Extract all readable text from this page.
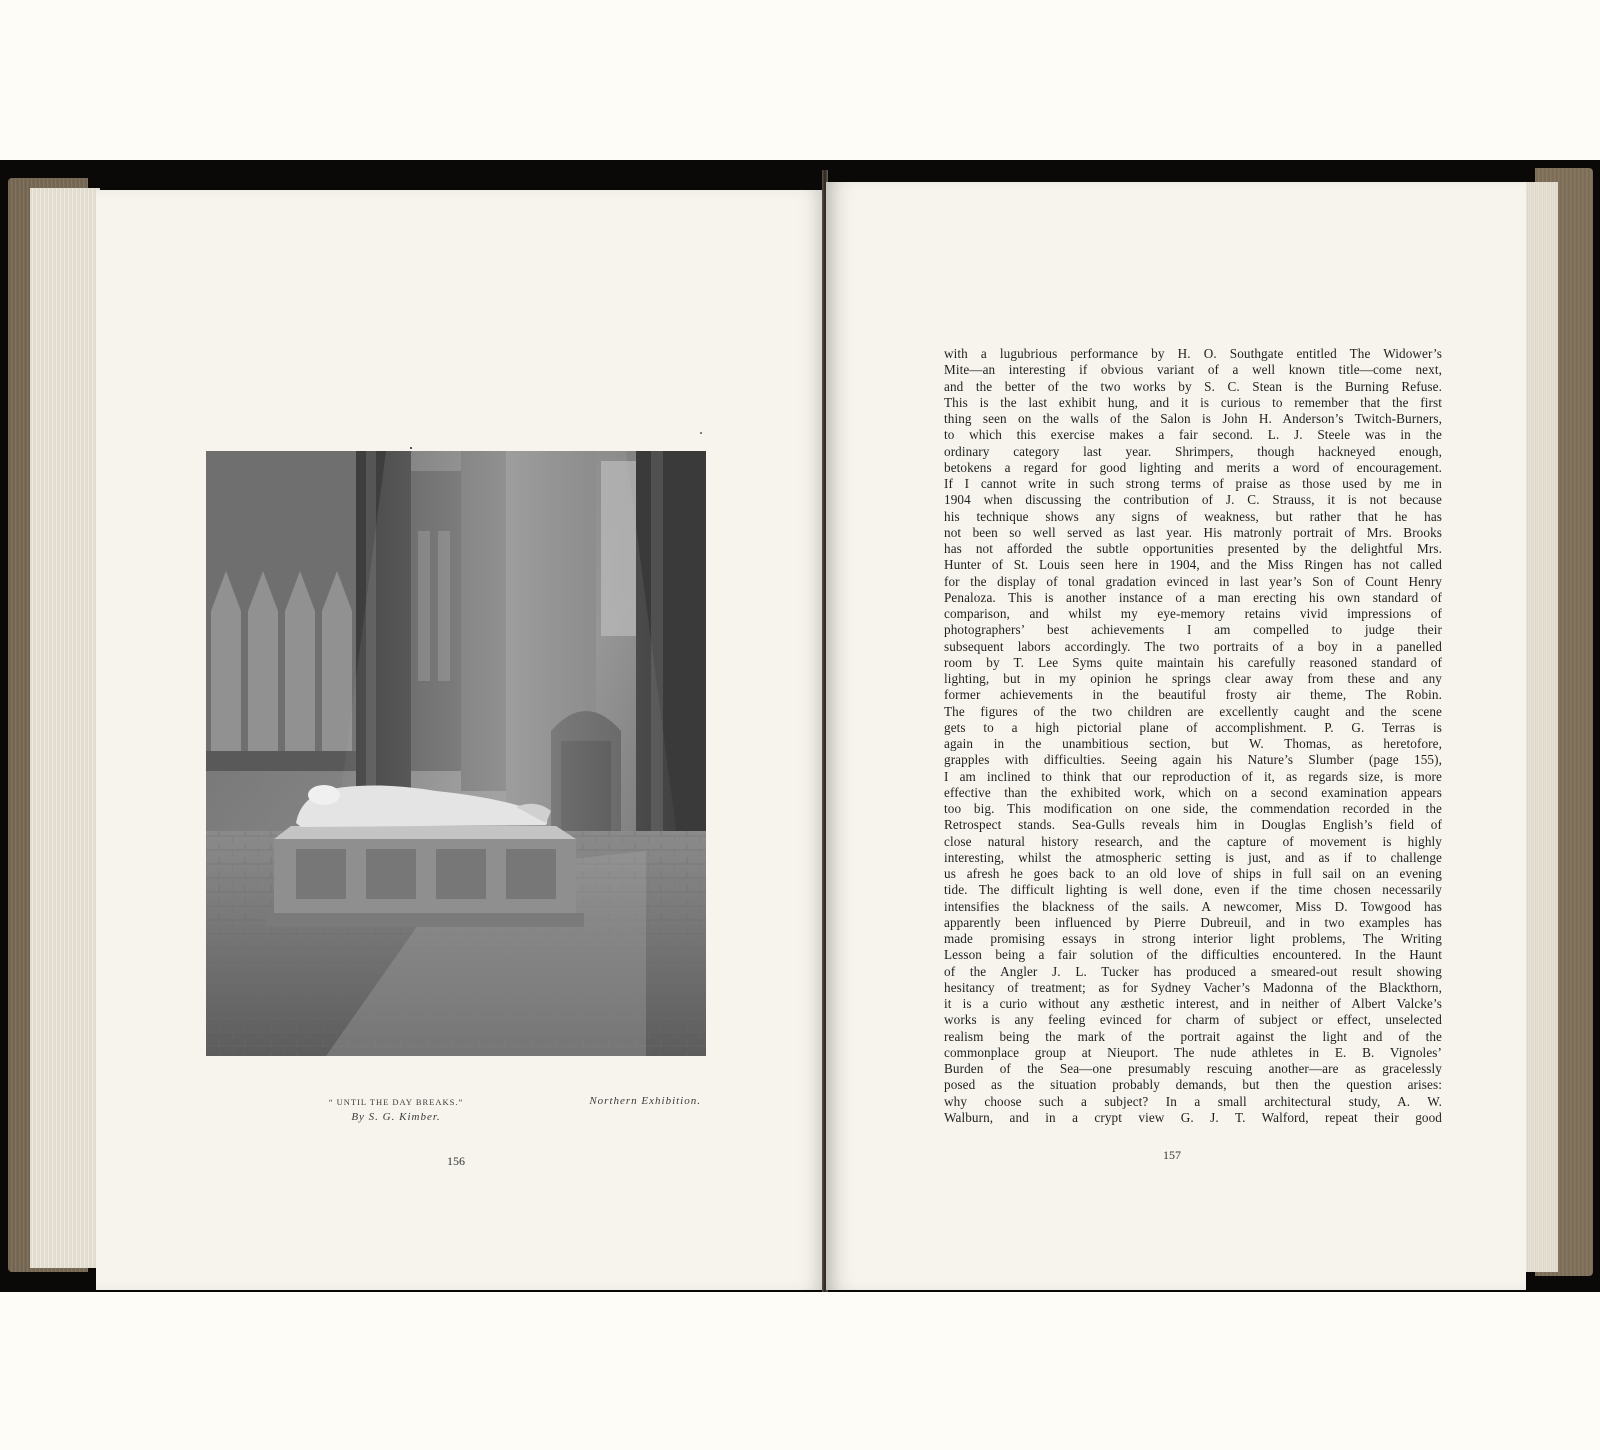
“ UNTIL THE DAY BREAKS.”
By S. G. Kimber.
Northern Exhibition.
156
with a lugubrious performance by H. O. Southgate entitled The Widower’s
Mite—an interesting if obvious variant of a well known title—come next,
and the better of the two works by S. C. Stean is the Burning Refuse.
This is the last exhibit hung, and it is curious to remember that the first
thing seen on the walls of the Salon is John H. Anderson’s Twitch-Burners,
to which this exercise makes a fair second. L. J. Steele was in the
ordinary category last year. Shrimpers, though hackneyed enough,
betokens a regard for good lighting and merits a word of encouragement.
If I cannot write in such strong terms of praise as those used by me in
1904 when discussing the contribution of J. C. Strauss, it is not because
his technique shows any signs of weakness, but rather that he has
not been so well served as last year. His matronly portrait of Mrs. Brooks
has not afforded the subtle opportunities presented by the delightful Mrs.
Hunter of St. Louis seen here in 1904, and the Miss Ringen has not called
for the display of tonal gradation evinced in last year’s Son of Count Henry
Penaloza. This is another instance of a man erecting his own standard of
comparison, and whilst my eye-memory retains vivid impressions of
photographers’ best achievements I am compelled to judge their
subsequent labors accordingly. The two portraits of a boy in a panelled
room by T. Lee Syms quite maintain his carefully reasoned standard of
lighting, but in my opinion he springs clear away from these and any
former achievements in the beautiful frosty air theme, The Robin.
The figures of the two children are excellently caught and the scene
gets to a high pictorial plane of accomplishment. P. G. Terras is
again in the unambitious section, but W. Thomas, as heretofore,
grapples with difficulties. Seeing again his Nature’s Slumber (page 155),
I am inclined to think that our reproduction of it, as regards size, is more
effective than the exhibited work, which on a second examination appears
too big. This modification on one side, the commendation recorded in the
Retrospect stands. Sea-Gulls reveals him in Douglas English’s field of
close natural history research, and the capture of movement is highly
interesting, whilst the atmospheric setting is just, and as if to challenge
us afresh he goes back to an old love of ships in full sail on an evening
tide. The difficult lighting is well done, even if the time chosen necessarily
intensifies the blackness of the sails. A newcomer, Miss D. Towgood has
apparently been influenced by Pierre Dubreuil, and in two examples has
made promising essays in strong interior light problems, The Writing
Lesson being a fair solution of the difficulties encountered. In the Haunt
of the Angler J. L. Tucker has produced a smeared-out result showing
hesitancy of treatment; as for Sydney Vacher’s Madonna of the Blackthorn,
it is a curio without any æsthetic interest, and in neither of Albert Valcke’s
works is any feeling evinced for charm of subject or effect, unselected
realism being the mark of the portrait against the light and of the
commonplace group at Nieuport. The nude athletes in E. B. Vignoles’
Burden of the Sea—one presumably rescuing another—are as gracelessly
posed as the situation probably demands, but then the question arises:
why choose such a subject? In a small architectural study, A. W.
Walburn, and in a crypt view G. J. T. Walford, repeat their good
157
